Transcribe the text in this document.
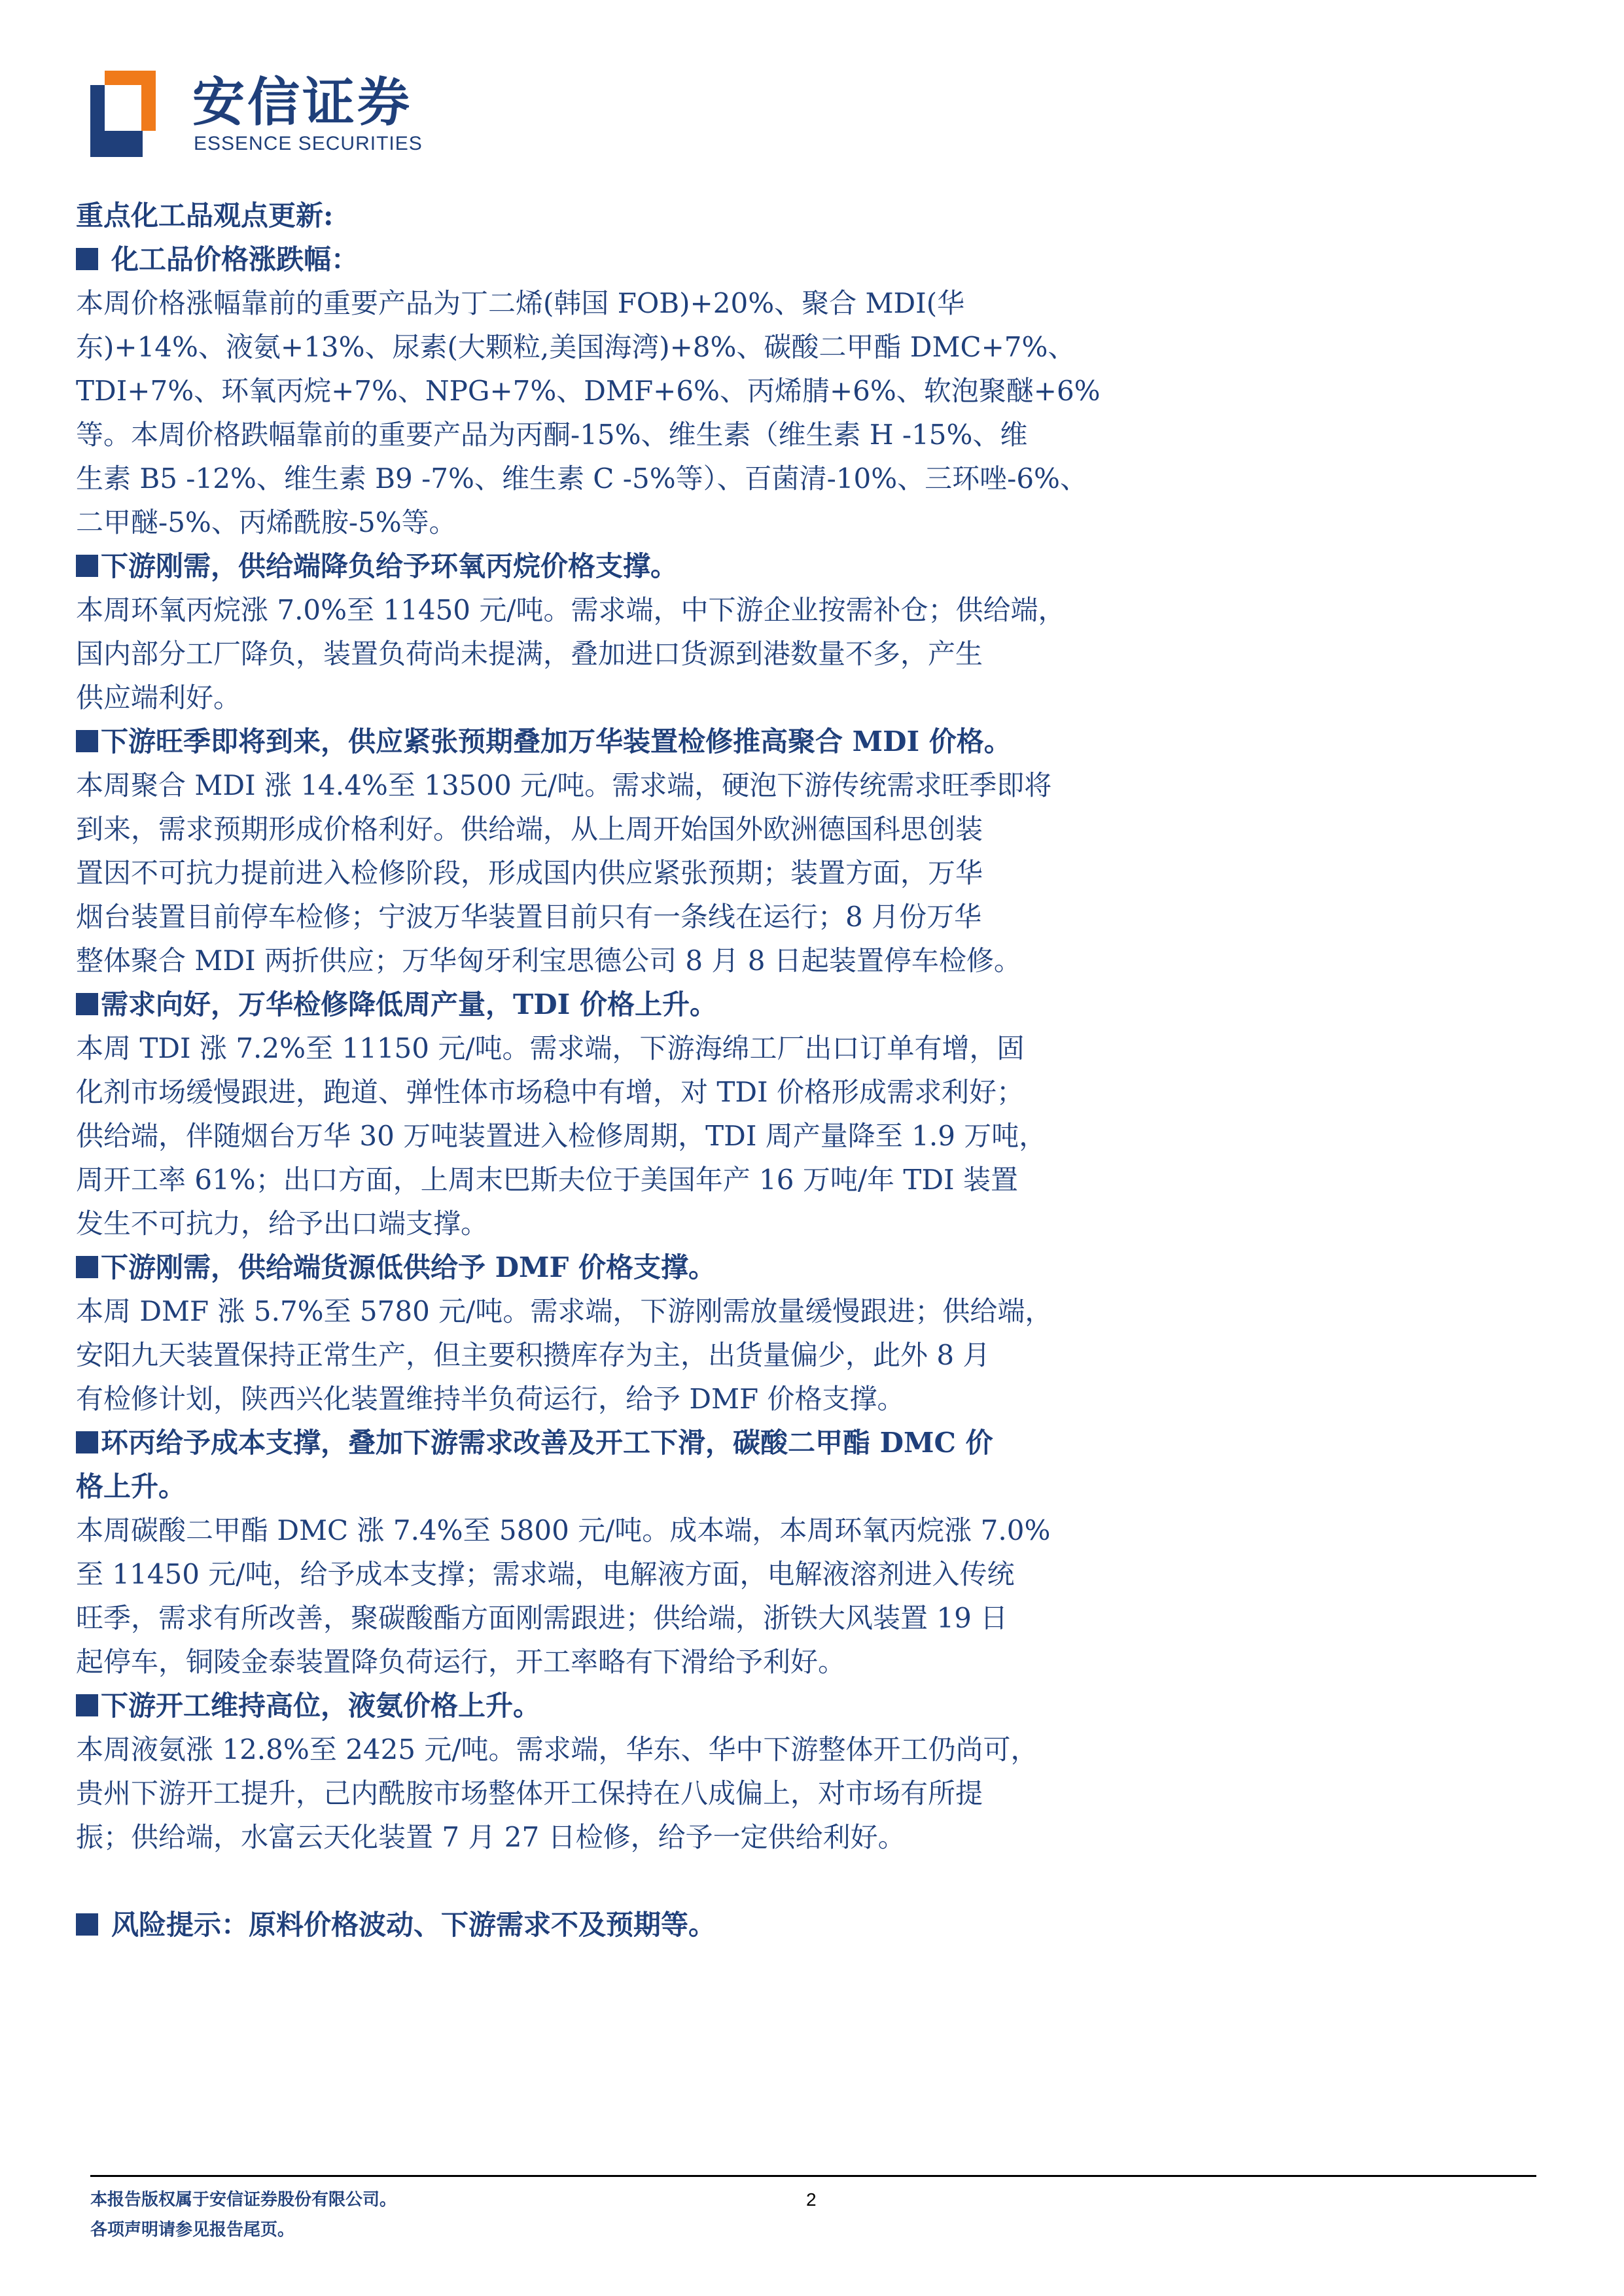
安信证券
ESSENCE SECURITIES
重点化工品观点更新:
化工品价格涨跌幅：
本周价格涨幅靠前的重要产品为丁二烯(韩国 FOB)+20%、聚合 MDI(华
东)+14%、液氨+13%、尿素(大颗粒,美国海湾)+8%、碳酸二甲酯 DMC+7%、
TDI+7%、环氧丙烷+7%、NPG+7%、DMF+6%、丙烯腈+6%、软泡聚醚+6%
等。本周价格跌幅靠前的重要产品为丙酮-15%、维生素（维生素 H -15%、维
生素 B5 -12%、维生素 B9 -7%、维生素 C -5%等）、百菌清-10%、三环唑-6%、
二甲醚-5%、丙烯酰胺-5%等。
下游刚需，供给端降负给予环氧丙烷价格支撑。
本周环氧丙烷涨 7.0%至 11450 元/吨。需求端，中下游企业按需补仓；供给端，
国内部分工厂降负，装置负荷尚未提满，叠加进口货源到港数量不多，产生
供应端利好。
下游旺季即将到来，供应紧张预期叠加万华装置检修推高聚合 MDI 价格。
本周聚合 MDI 涨 14.4%至 13500 元/吨。需求端，硬泡下游传统需求旺季即将
到来，需求预期形成价格利好。供给端，从上周开始国外欧洲德国科思创装
置因不可抗力提前进入检修阶段，形成国内供应紧张预期；装置方面，万华
烟台装置目前停车检修；宁波万华装置目前只有一条线在运行；8 月份万华
整体聚合 MDI 两折供应；万华匈牙利宝思德公司 8 月 8 日起装置停车检修。
需求向好，万华检修降低周产量，TDI 价格上升。
本周 TDI 涨 7.2%至 11150 元/吨。需求端，下游海绵工厂出口订单有增，固
化剂市场缓慢跟进，跑道、弹性体市场稳中有增，对 TDI 价格形成需求利好；
供给端，伴随烟台万华 30 万吨装置进入检修周期，TDI 周产量降至 1.9 万吨，
周开工率 61%；出口方面，上周末巴斯夫位于美国年产 16 万吨/年 TDI 装置
发生不可抗力，给予出口端支撑。
下游刚需，供给端货源低供给予 DMF 价格支撑。
本周 DMF 涨 5.7%至 5780 元/吨。需求端，下游刚需放量缓慢跟进；供给端，
安阳九天装置保持正常生产，但主要积攒库存为主，出货量偏少，此外 8 月
有检修计划，陕西兴化装置维持半负荷运行，给予 DMF 价格支撑。
环丙给予成本支撑，叠加下游需求改善及开工下滑，碳酸二甲酯 DMC 价
格上升。
本周碳酸二甲酯 DMC 涨 7.4%至 5800 元/吨。成本端，本周环氧丙烷涨 7.0%
至 11450 元/吨，给予成本支撑；需求端，电解液方面，电解液溶剂进入传统
旺季，需求有所改善，聚碳酸酯方面刚需跟进；供给端，浙铁大风装置 19 日
起停车，铜陵金泰装置降负荷运行，开工率略有下滑给予利好。
下游开工维持高位，液氨价格上升。
本周液氨涨 12.8%至 2425 元/吨。需求端，华东、华中下游整体开工仍尚可，
贵州下游开工提升，己内酰胺市场整体开工保持在八成偏上，对市场有所提
振；供给端，水富云天化装置 7 月 27 日检修，给予一定供给利好。
风险提示：原料价格波动、下游需求不及预期等。
本报告版权属于安信证券股份有限公司。
各项声明请参见报告尾页。
2
